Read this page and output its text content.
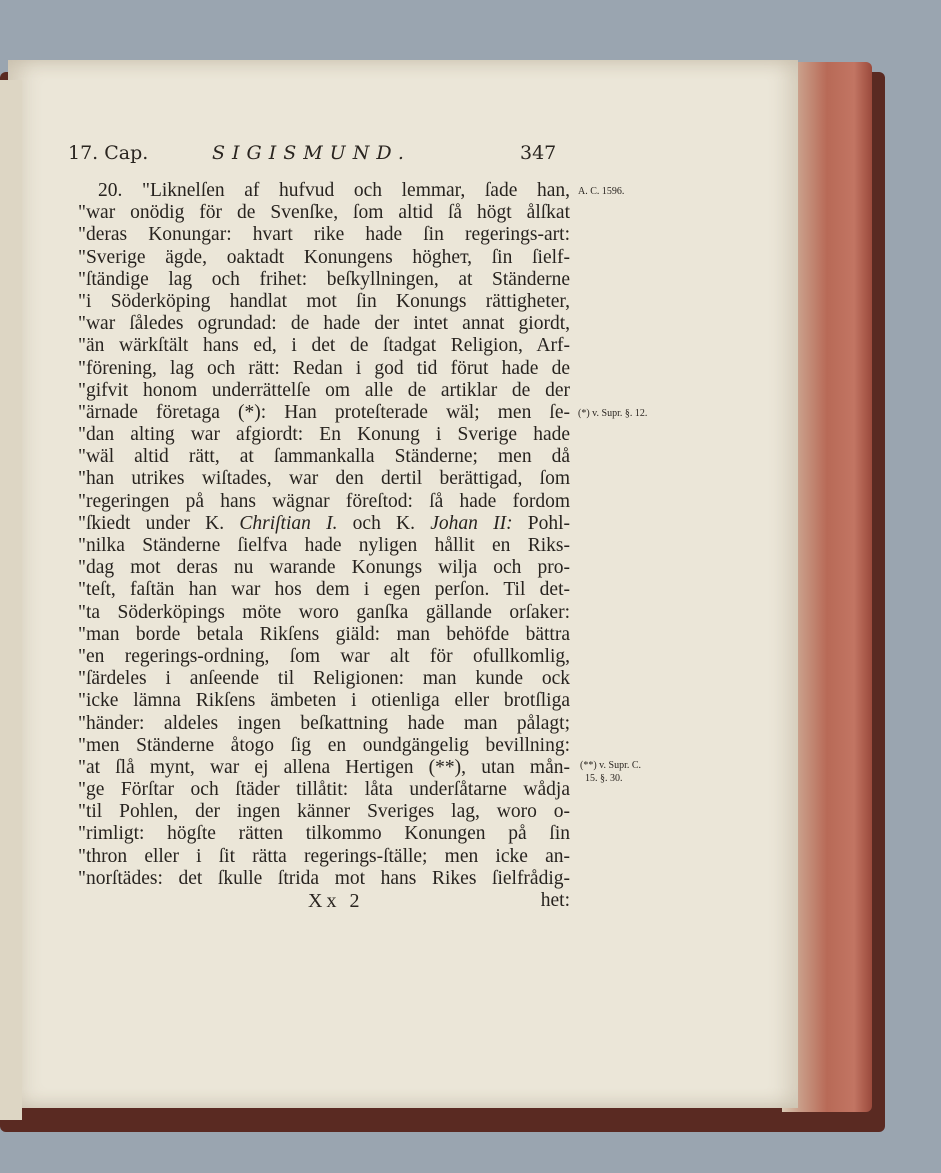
17. Cap.	SIGISMUND.	347
A. C. 1596.
(*) v. Supr. §. 12.
(**) v. Supr. C.
15. §. 30.
20. "Liknelſen af hufvud och lemmar, ſade han,
"war onödig för de Svenſke, ſom altid ſå högt ålſkat
"deras Konungar: hvart rike hade ſin regerings-art:
"Sverige ägde, oaktadt Konungens högheт, ſin ſielf-
"ſtändige lag och frihet: beſkyllningen, at Ständerne
"i Söderköping handlat mot ſin Konungs rättigheter,
"war ſåledes ogrundad: de hade der intet annat giordt,
"än wärkſtält hans ed, i det de ſtadgat Religion, Arf-
"förening, lag och rätt: Redan i god tid förut hade de
"gifvit honom underrättelſe om alle de artiklar de der
"ärnade företaga (*): Han proteſterade wäl; men ſe-
"dan alting war afgiordt: En Konung i Sverige hade
"wäl altid rätt, at ſammankalla Ständerne; men då
"han utrikes wiſtades, war den dertil berättigad, ſom
"regeringen på hans wägnar föreſtod: ſå hade fordom
"ſkiedt under K. Chriſtian I. och K. Johan II: Pohl-
"nilka Ständerne ſielfva hade nyligen hållit en Riks-
"dag mot deras nu warande Konungs wilja och pro-
"teſt, faſtän han war hos dem i egen perſon. Til det-
"ta Söderköpings möte woro ganſka gällande orſaker:
"man borde betala Rikſens giäld: man behöfde bättra
"en regerings-ordning, ſom war alt för ofullkomlig,
"ſärdeles i anſeende til Religionen: man kunde ock
"icke lämna Rikſens ämbeten i otienliga eller brotſliga
"händer: aldeles ingen beſkattning hade man pålagt;
"men Ständerne åtogo ſig en oundgängelig bevillning:
"at ſlå mynt, war ej allena Hertigen (**), utan mån-
"ge Förſtar och ſtäder tillåtit: låta underſåtarne wådja
"til Pohlen, der ingen känner Sveriges lag, woro o-
"rimligt: högſte rätten tilkommo Konungen på ſin
"thron eller i ſit rätta regerings-ſtälle; men icke an-
"norſtädes: det ſkulle ſtrida mot hans Rikes ſielfrådig-
het:
Xx 2
